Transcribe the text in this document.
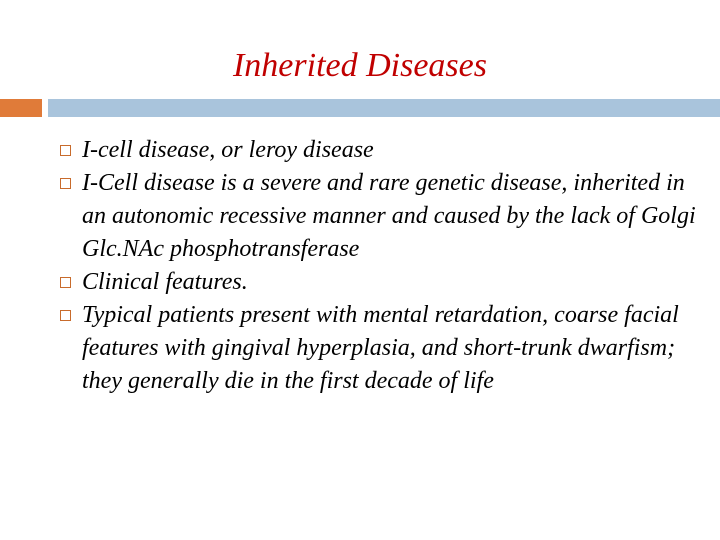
Inherited Diseases
I-cell disease, or leroy disease
I-Cell disease is a severe and rare genetic disease, inherited in an autonomic recessive manner and caused by the lack of Golgi Glc.NAc phosphotransferase
Clinical features.
Typical patients present with mental retardation, coarse facial features with gingival hyperplasia, and short-trunk dwarfism; they generally die in the first decade of life
